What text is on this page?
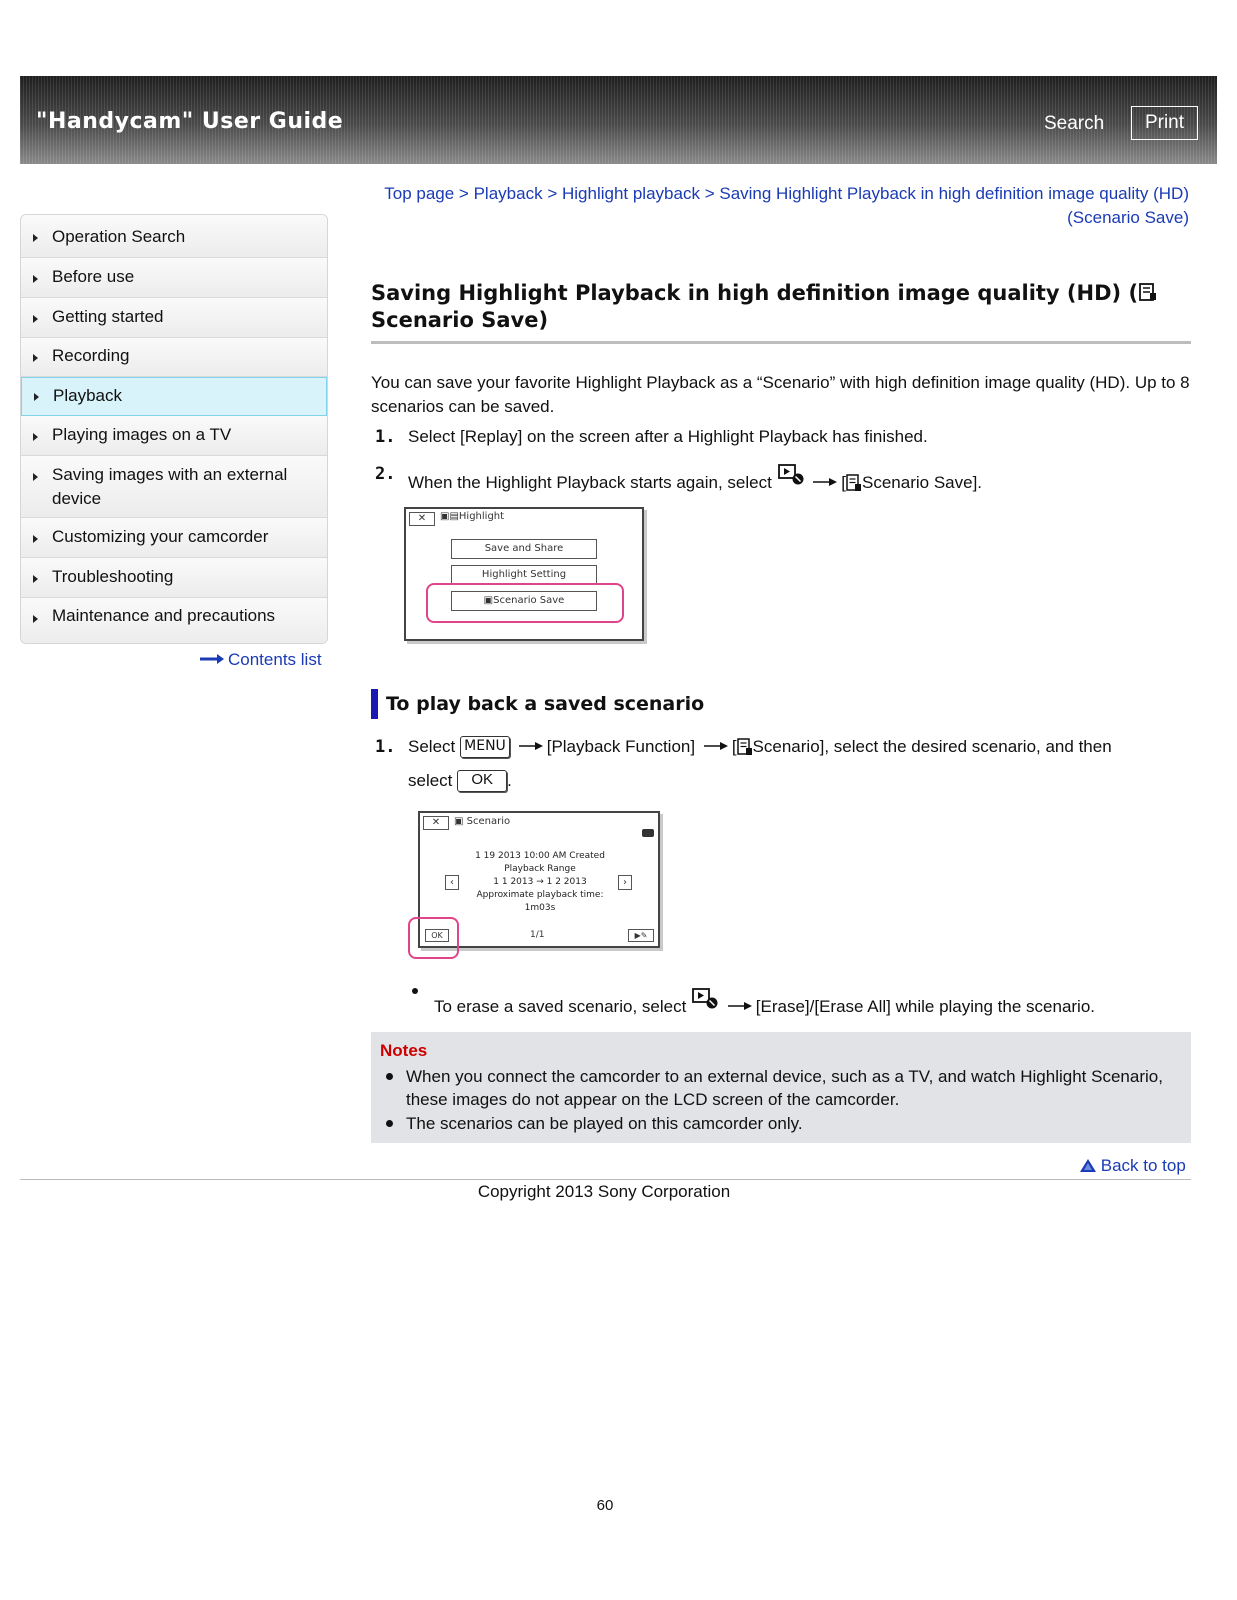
"Handycam" User Guide	Search	Print
Operation Search
Before use
Getting started
Recording
Playback
Playing images on a TV
Saving images with an external device
Customizing your camcorder
Troubleshooting
Maintenance and precautions
Contents list
Top page > Playback > Highlight playback > Saving Highlight Playback in high definition image quality (HD) (Scenario Save)
Saving Highlight Playback in high definition image quality (HD) (
Scenario Save)
You can save your favorite Highlight Playback as a “Scenario” with high definition image quality (HD). Up to 8 scenarios can be saved.
1. Select [Replay] on the screen after a Highlight Playback has finished.
2. When the Highlight Playback starts again, select	[ Scenario Save].
✕	▣▤Highlight
Save and Share
Highlight Setting
▣Scenario Save
To play back a saved scenario
1. Select MENU [Playback Function] [ Scenario], select the desired scenario, and then
select OK .
✕	▣ Scenario
1 19 2013 10:00 AM Created
Playback Range
1 1 2013 → 1 2 2013
Approximate playback time:
1m03s
‹	›
OK	1/1	▶✎
To erase a saved scenario, select	[Erase]/[Erase All] while playing the scenario.
Notes
When you connect the camcorder to an external device, such as a TV, and watch Highlight Scenario, these images do not appear on the LCD screen of the camcorder.
The scenarios can be played on this camcorder only.
Back to top
Copyright 2013 Sony Corporation
60
